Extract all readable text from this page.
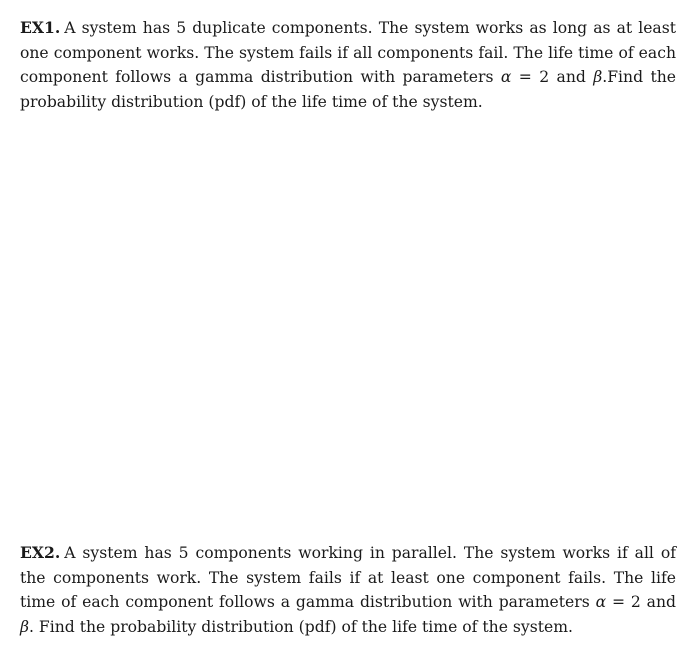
EX1. A system has 5 duplicate components. The system works as long as at least one component works. The system fails if all components fail. The life time of each component follows a gamma distribution with parameters α = 2 and β.Find the probability distribution (pdf) of the life time of the system.

EX2. A system has 5 components working in parallel. The system works if all of the components work. The system fails if at least one component fails. The life time of each component follows a gamma distribution with parameters α = 2 and β. Find the probability distribution (pdf) of the life time of the system.
